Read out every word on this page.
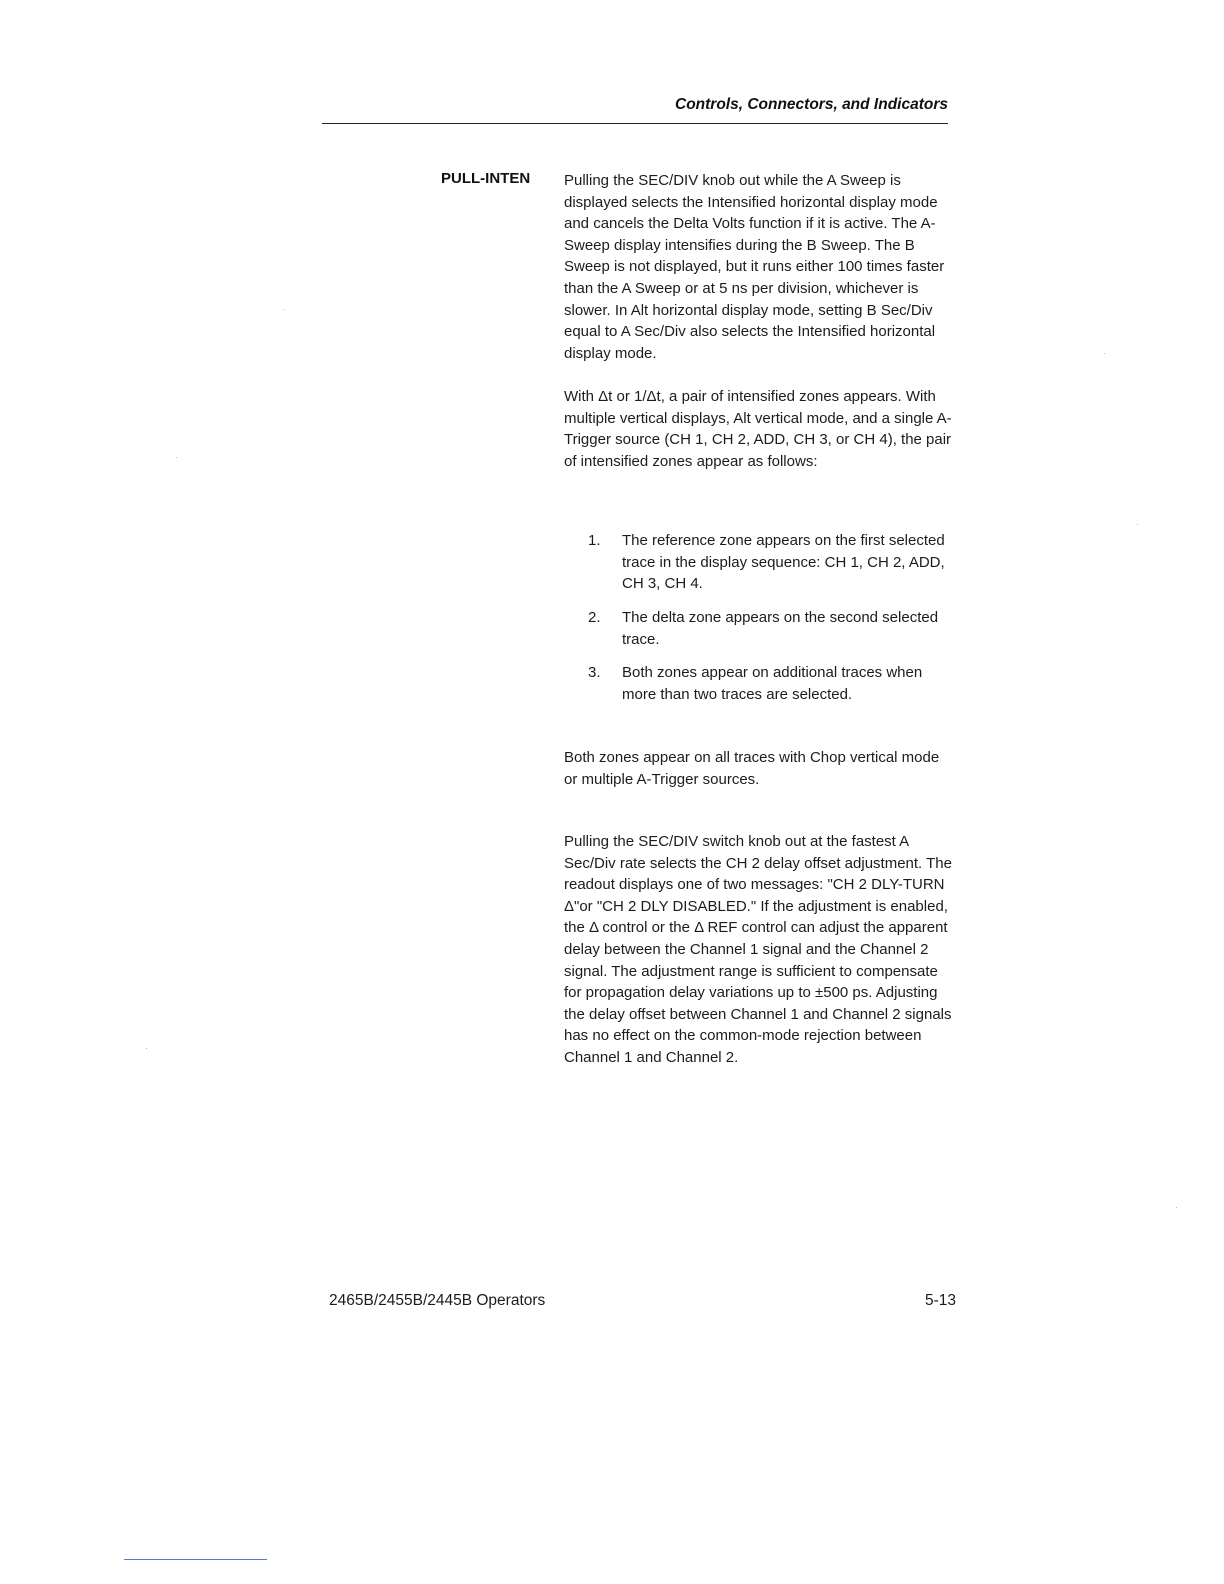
Controls, Connectors, and Indicators
PULL-INTEN Pulling the SEC/DIV knob out while the A Sweep is displayed selects the Intensified horizontal display mode and cancels the Delta Volts function if it is active. The A-Sweep display intensifies during the B Sweep. The B Sweep is not displayed, but it runs either 100 times faster than the A Sweep or at 5 ns per division, whichever is slower. In Alt horizontal display mode, setting B Sec/Div equal to A Sec/Div also selects the Intensified horizontal display mode.

With Δt or 1/Δt, a pair of intensified zones appears. With multiple vertical displays, Alt vertical mode, and a single A-Trigger source (CH 1, CH 2, ADD, CH 3, or CH 4), the pair of intensified zones appear as follows:

1.	The reference zone appears on the first selected trace in the display sequence: CH 1, CH 2, ADD, CH 3, CH 4.
2.	The delta zone appears on the second selected trace.
3.	Both zones appear on additional traces when more than two traces are selected.

Both zones appear on all traces with Chop vertical mode or multiple A-Trigger sources.

Pulling the SEC/DIV switch knob out at the fastest A Sec/Div rate selects the CH 2 delay offset adjustment. The readout displays one of two messages: "CH 2 DLY-TURN Δ"or "CH 2 DLY DISABLED." If the adjustment is enabled, the Δ control or the Δ REF control can adjust the apparent delay between the Channel 1 signal and the Channel 2 signal. The adjustment range is sufficient to compensate for propagation delay variations up to ±500 ps. Adjusting the delay offset between Channel 1 and Channel 2 signals has no effect on the common-mode rejection between Channel 1 and Channel 2.

2465B/2455B/2445B Operators	5-13
